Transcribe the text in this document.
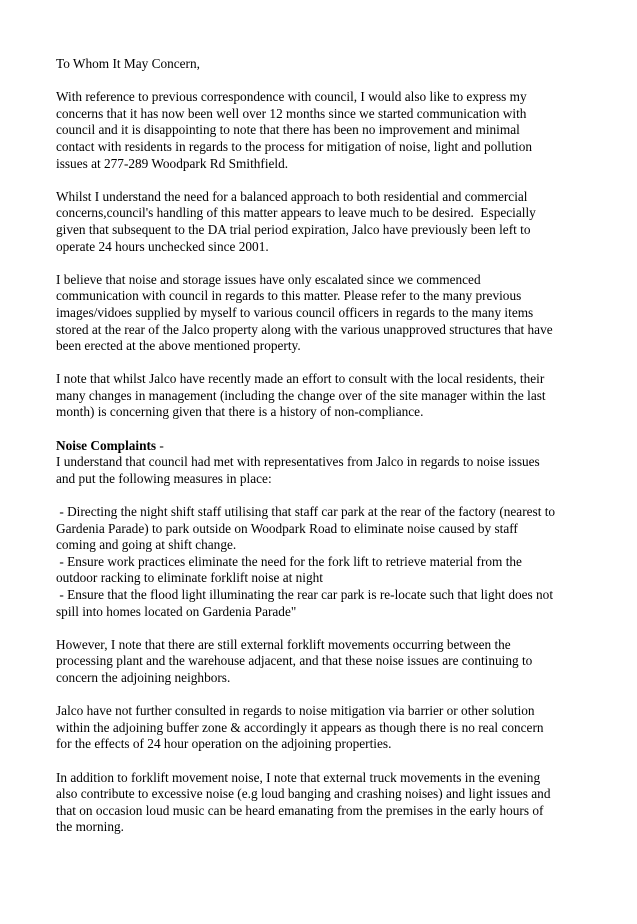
To Whom It May Concern,

With reference to previous correspondence with council, I would also like to express my
concerns that it has now been well over 12 months since we started communication with
council and it is disappointing to note that there has been no improvement and minimal
contact with residents in regards to the process for mitigation of noise, light and pollution
issues at 277-289 Woodpark Rd Smithfield.

Whilst I understand the need for a balanced approach to both residential and commercial
concerns,council's handling of this matter appears to leave much to be desired.  Especially
given that subsequent to the DA trial period expiration, Jalco have previously been left to
operate 24 hours unchecked since 2001.

I believe that noise and storage issues have only escalated since we commenced
communication with council in regards to this matter. Please refer to the many previous
images/vidoes supplied by myself to various council officers in regards to the many items
stored at the rear of the Jalco property along with the various unapproved structures that have
been erected at the above mentioned property.

I note that whilst Jalco have recently made an effort to consult with the local residents, their
many changes in management (including the change over of the site manager within the last
month) is concerning given that there is a history of non-compliance.

Noise Complaints -
I understand that council had met with representatives from Jalco in regards to noise issues
and put the following measures in place:

- Directing the night shift staff utilising that staff car park at the rear of the factory (nearest to
Gardenia Parade) to park outside on Woodpark Road to eliminate noise caused by staff
coming and going at shift change.
- Ensure work practices eliminate the need for the fork lift to retrieve material from the
outdoor racking to eliminate forklift noise at night
- Ensure that the flood light illuminating the rear car park is re-locate such that light does not
spill into homes located on Gardenia Parade"

However, I note that there are still external forklift movements occurring between the
processing plant and the warehouse adjacent, and that these noise issues are continuing to
concern the adjoining neighbors.

Jalco have not further consulted in regards to noise mitigation via barrier or other solution
within the adjoining buffer zone & accordingly it appears as though there is no real concern
for the effects of 24 hour operation on the adjoining properties.

In addition to forklift movement noise, I note that external truck movements in the evening
also contribute to excessive noise (e.g loud banging and crashing noises) and light issues and
that on occasion loud music can be heard emanating from the premises in the early hours of
the morning.
